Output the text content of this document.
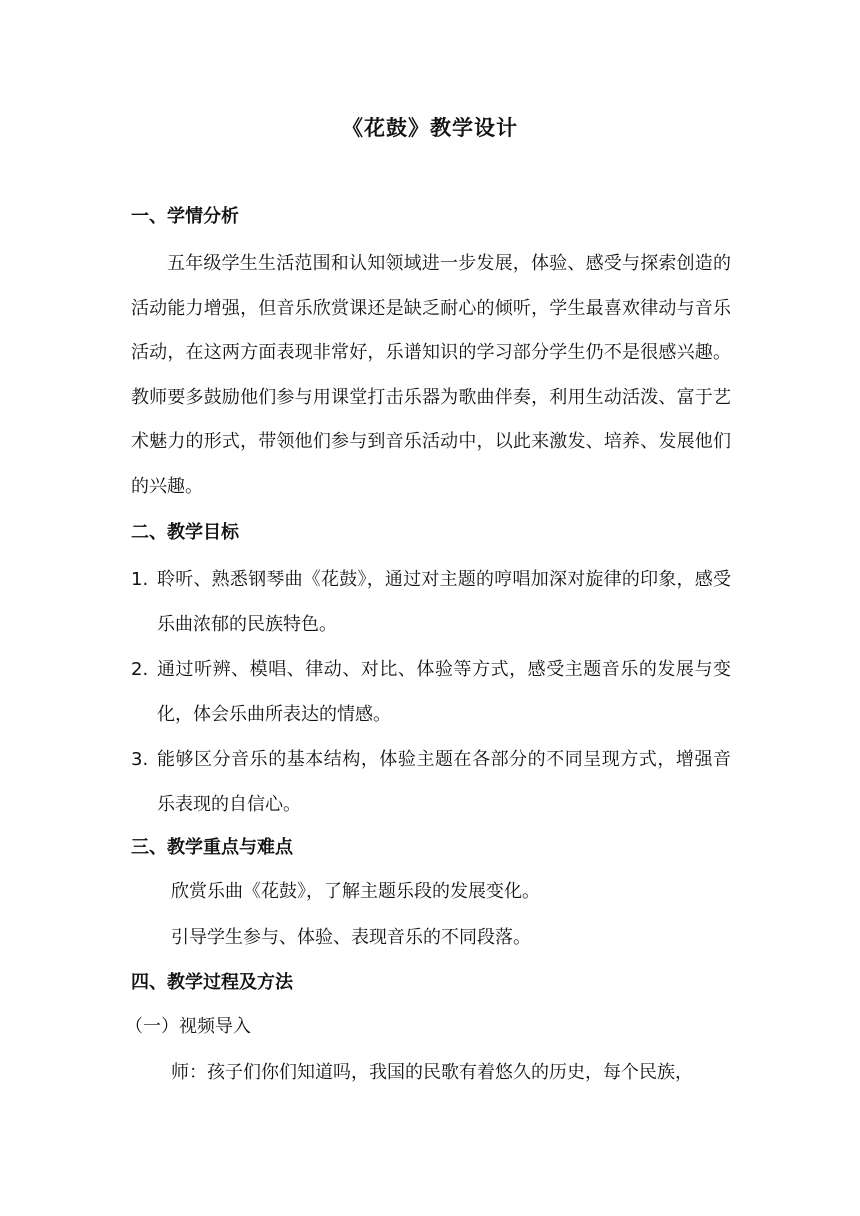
《花鼓》教学设计
一、学情分析
五年级学生生活范围和认知领域进一步发展，体验、感受与探索创造的活动能力增强，但音乐欣赏课还是缺乏耐心的倾听，学生最喜欢律动与音乐活动，在这两方面表现非常好，乐谱知识的学习部分学生仍不是很感兴趣。教师要多鼓励他们参与用课堂打击乐器为歌曲伴奏，利用生动活泼、富于艺术魅力的形式，带领他们参与到音乐活动中，以此来激发、培养、发展他们的兴趣。
二、教学目标
1. 聆听、熟悉钢琴曲《花鼓》，通过对主题的哼唱加深对旋律的印象，感受乐曲浓郁的民族特色。
2. 通过听辨、模唱、律动、对比、体验等方式，感受主题音乐的发展与变化，体会乐曲所表达的情感。
3. 能够区分音乐的基本结构，体验主题在各部分的不同呈现方式，增强音乐表现的自信心。
三、教学重点与难点
欣赏乐曲《花鼓》，了解主题乐段的发展变化。
引导学生参与、体验、表现音乐的不同段落。
四、教学过程及方法
（一）视频导入
师：孩子们你们知道吗，我国的民歌有着悠久的历史，每个民族，
